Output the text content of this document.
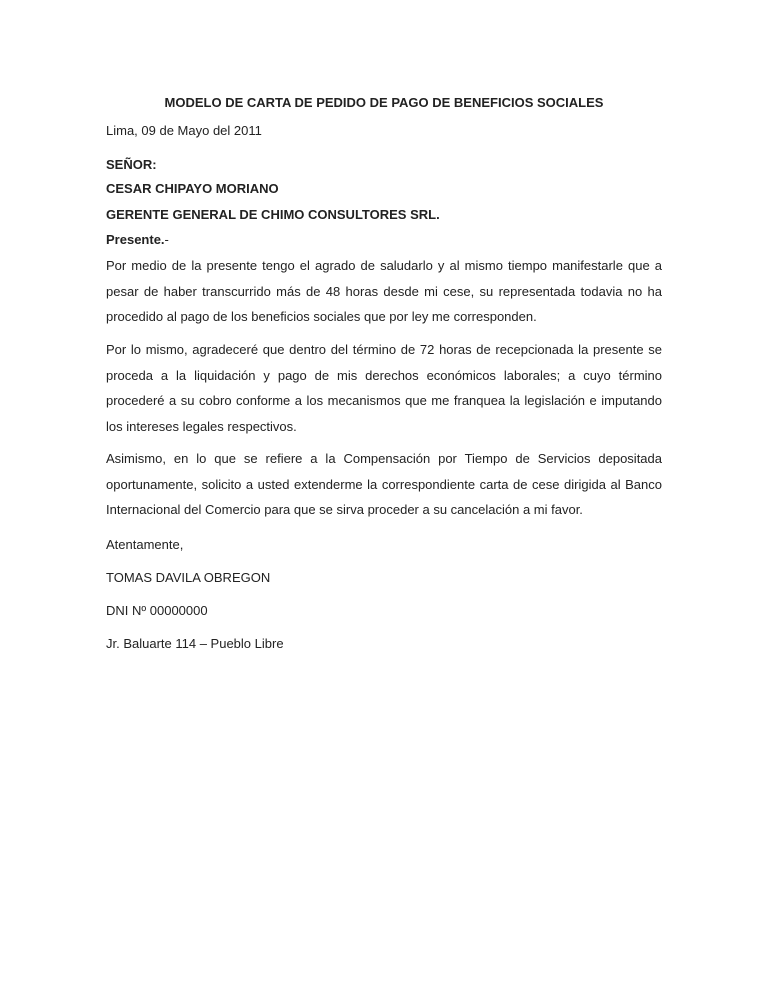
MODELO DE CARTA DE PEDIDO DE PAGO DE BENEFICIOS SOCIALES
Lima, 09 de Mayo del 2011
SEÑOR:
CESAR CHIPAYO MORIANO
GERENTE GENERAL DE CHIMO CONSULTORES SRL.
Presente.-

Por medio de la presente tengo el agrado de saludarlo y al mismo tiempo manifestarle que a pesar de haber transcurrido más de 48 horas desde mi cese, su representada todavia no ha procedido al pago de los beneficios sociales que por ley me corresponden.

Por lo mismo, agradeceré que dentro del término de 72 horas de recepcionada la presente se proceda a la liquidación y pago de mis derechos económicos laborales; a cuyo término procederé a su cobro conforme a los mecanismos que me franquea la legislación e imputando los intereses legales respectivos.

Asimismo, en lo que se refiere a la Compensación por Tiempo de Servicios depositada oportunamente, solicito a usted extenderme la correspondiente carta de cese dirigida al Banco Internacional del Comercio para que se sirva proceder a su cancelación a mi favor.

Atentamente,
TOMAS DAVILA OBREGON
DNI Nº 00000000
Jr. Baluarte 114 – Pueblo Libre
